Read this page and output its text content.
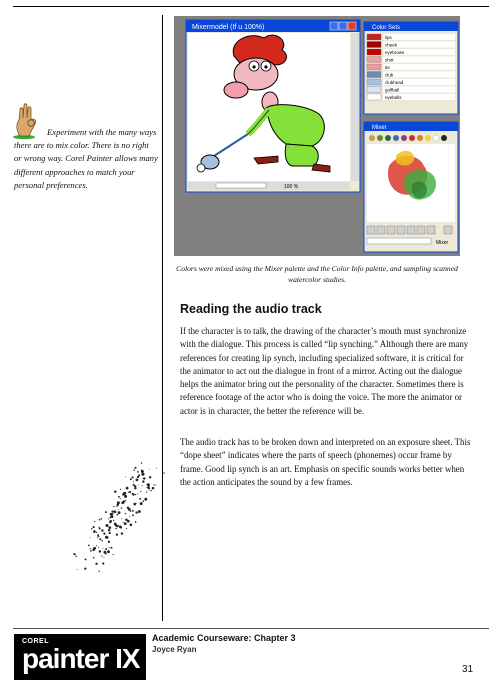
Experiment with the many ways there are to mix color. There is no right or wrong way. Corel Painter allows many different approaches to match your personal preferences.
Mixermodel (If u 100%)
100 %
Color Sets
lips
cheek
eyebrows
shirt
tie
club
clubhead
golfball
eyeballs
Mixer
Mixer
Colors were mixed using the Mixer palette and the Color Info palette, and sampling scanned watercolor studies.
Reading the audio track
If the character is to talk, the drawing of the character’s mouth must synchronize with the dialogue. This process is called “lip synching.” Although there are many references for creating lip synch, including specialized software, it is critical for the animator to act out the dialogue in front of a mirror. Acting out the dialogue helps the animator bring out the personality of the character. Sometimes there is reference footage of the actor who is doing the voice. The more the animator or actor is in character, the better the reference will be.
The audio track has to be broken down and interpreted on an exposure sheet. This “dope sheet” indicates where the parts of speech (phonemes) occur frame by frame. Good lip synch is an art. Emphasis on specific sounds works better when the action anticipates the sound by a few frames.
COREL
painter IX
Academic Courseware: Chapter 3
Joyce Ryan
31
